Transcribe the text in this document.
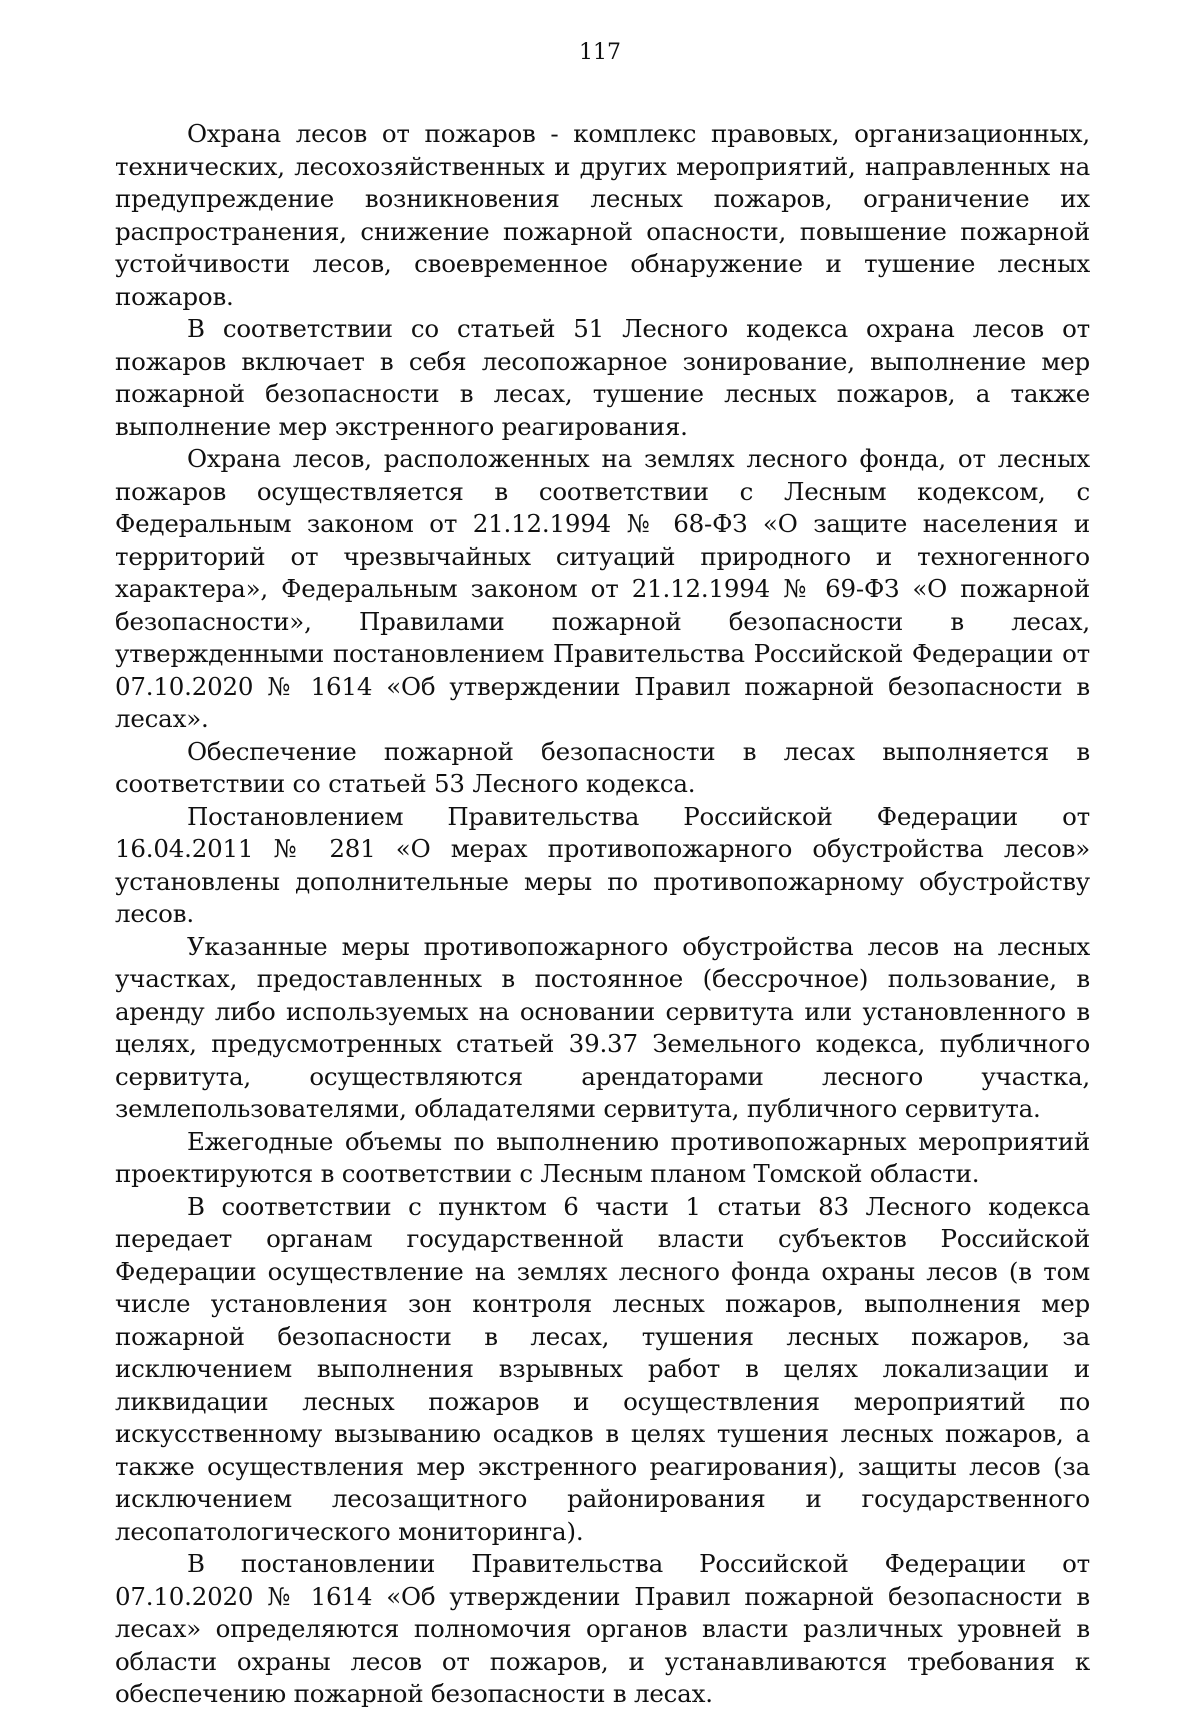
117

Охрана лесов от пожаров - комплекс правовых, организационных, технических, лесохозяйственных и других мероприятий, направленных на предупреждение возникновения лесных пожаров, ограничение их распространения, снижение пожарной опасности, повышение пожарной устойчивости лесов, своевременное обнаружение и тушение лесных пожаров.

В соответствии со статьей 51 Лесного кодекса охрана лесов от пожаров включает в себя лесопожарное зонирование, выполнение мер пожарной безопасности в лесах, тушение лесных пожаров, а также выполнение мер экстренного реагирования.

Охрана лесов, расположенных на землях лесного фонда, от лесных пожаров осуществляется в соответствии с Лесным кодексом, с Федеральным законом от 21.12.1994 № 68-ФЗ «О защите населения и территорий от чрезвычайных ситуаций природного и техногенного характера», Федеральным законом от 21.12.1994 № 69-ФЗ «О пожарной безопасности», Правилами пожарной безопасности в лесах, утвержденными постановлением Правительства Российской Федерации от 07.10.2020 № 1614 «Об утверждении Правил пожарной безопасности в лесах».

Обеспечение пожарной безопасности в лесах выполняется в соответствии со статьей 53 Лесного кодекса.

Постановлением Правительства Российской Федерации от 16.04.2011 № 281 «О мерах противопожарного обустройства лесов» установлены дополнительные меры по противопожарному обустройству лесов.

Указанные меры противопожарного обустройства лесов на лесных участках, предоставленных в постоянное (бессрочное) пользование, в аренду либо используемых на основании сервитута или установленного в целях, предусмотренных статьей 39.37 Земельного кодекса, публичного сервитута, осуществляются арендаторами лесного участка, землепользователями, обладателями сервитута, публичного сервитута.

Ежегодные объемы по выполнению противопожарных мероприятий проектируются в соответствии с Лесным планом Томской области.

В соответствии с пунктом 6 части 1 статьи 83 Лесного кодекса передает органам государственной власти субъектов Российской Федерации осуществление на землях лесного фонда охраны лесов (в том числе установления зон контроля лесных пожаров, выполнения мер пожарной безопасности в лесах, тушения лесных пожаров, за исключением выполнения взрывных работ в целях локализации и ликвидации лесных пожаров и осуществления мероприятий по искусственному вызыванию осадков в целях тушения лесных пожаров, а также осуществления мер экстренного реагирования), защиты лесов (за исключением лесозащитного районирования и государственного лесопатологического мониторинга).

В постановлении Правительства Российской Федерации от 07.10.2020 № 1614 «Об утверждении Правил пожарной безопасности в лесах» определяются полномочия органов власти различных уровней в области охраны лесов от пожаров, и устанавливаются требования к обеспечению пожарной безопасности в лесах.
